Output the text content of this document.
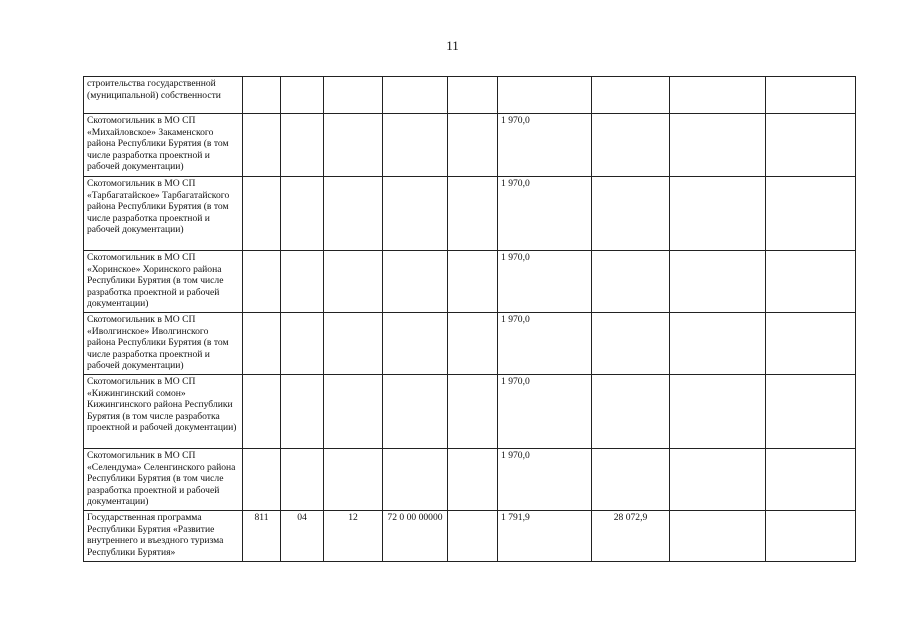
11
строительства государственной (муниципальной) собственности									
Скотомогильник в МО СП «Михайловское» Закаменского района Республики Бурятия (в том числе разработка проектной и рабочей документации)						1 970,0			
Скотомогильник в МО СП «Тарбагатайское» Тарбагатайского района Республики Бурятия (в том числе разработка проектной и рабочей документации)						1 970,0			
Скотомогильник в МО СП «Хоринское» Хоринского района Республики Бурятия (в том числе разработка проектной и рабочей документации)						1 970,0			
Скотомогильник в МО СП «Иволгинское» Иволгинского района Республики Бурятия (в том числе разработка проектной и рабочей документации)						1 970,0			
Скотомогильник в МО СП «Кижингинский сомон» Кижингинского района Республики Бурятия (в том числе разработка проектной и рабочей документации)						1 970,0			
Скотомогильник в МО СП «Селендума» Селенгинского района Республики Бурятия (в том числе разработка проектной и рабочей документации)						1 970,0			
Государственная программа Республики Бурятия «Развитие внутреннего и въездного туризма Республики Бурятия»	811	04	12	72 0 00 00000		1 791,9	28 072,9		
